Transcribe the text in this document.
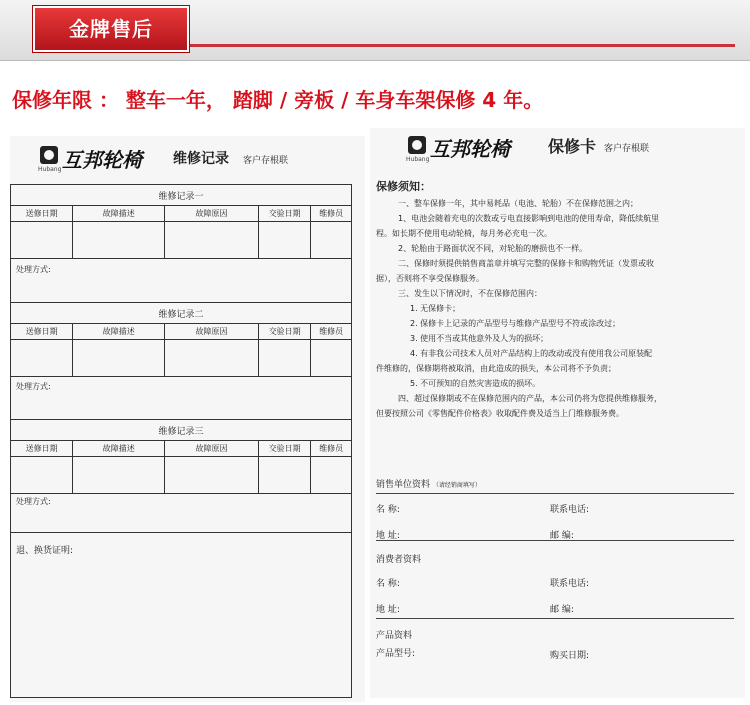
金牌售后
保修年限 ： 整车一年， 踏脚 / 旁板 / 车身车架保修 4 年。
Hubang 互邦轮椅 维修记录 客户存根联
维修记录一				
送修日期	故障描述	故障原因	交验日期	维修员

处理方式:
维修记录二				
送修日期	故障描述	故障原因	交验日期	维修员

处理方式:
维修记录三				
送修日期	故障描述	故障原因	交验日期	维修员

处理方式:
退、换货证明:
Hubang 互邦轮椅 保修卡 客户存根联
保修须知：
一、整车保修一年，其中易耗品（电池、轮胎）不在保修范围之内；
1、电池会随着充电的次数或亏电直接影响到电池的使用寿命，降低续航里
程。如长期不使用电动轮椅，每月务必充电一次。
2、轮胎由于路面状况不同，对轮胎的磨损也不一样。
二、保修时须提供销售商盖章并填写完整的保修卡和购物凭证（发票或收
据），否则将不享受保修服务。
三、发生以下情况时，不在保修范围内：
1. 无保修卡；
2. 保修卡上记录的产品型号与维修产品型号不符或涂改过；
3. 使用不当或其他意外及人为的损坏；
4. 有非我公司技术人员对产品结构上的改动或没有使用我公司原装配
件维修的，保修期将被取消，由此造成的损失，本公司将不予负责；
5. 不可预知的自然灾害造成的损坏。
四、超过保修期或不在保修范围内的产品，本公司仍将为您提供维修服务，
但要按照公司《零售配件价格表》收取配件费及适当上门维修服务费。
销售单位资料 （请经销商填写）
名 称:	联系电话:
地 址:	邮 编:
消费者资料
名 称:	联系电话:
地 址:	邮 编:
产品资料
产品型号:	购买日期:
